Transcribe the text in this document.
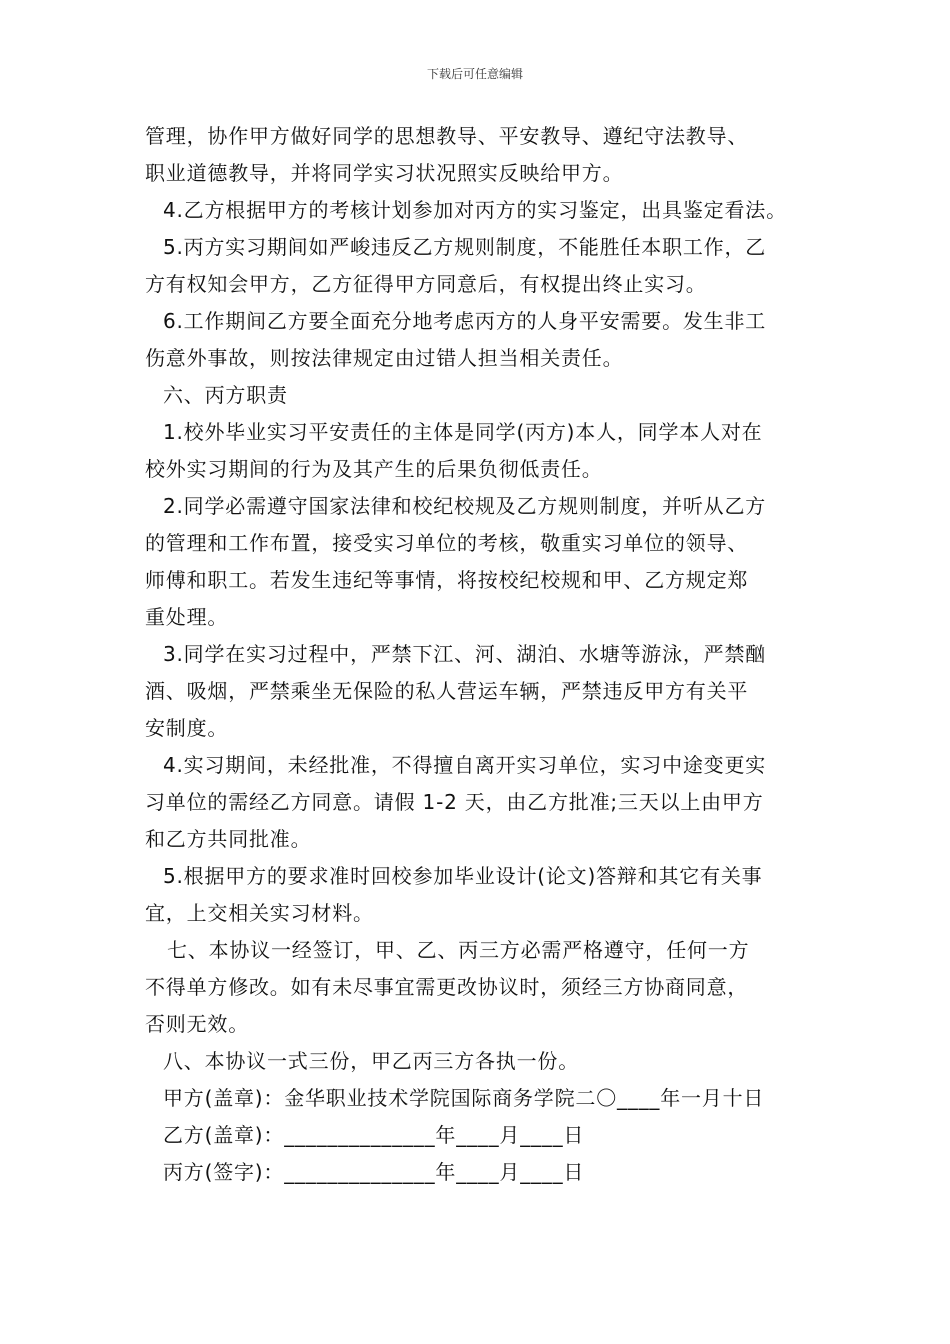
下载后可任意编辑
管理，协作甲方做好同学的思想教导、平安教导、遵纪守法教导、
职业道德教导，并将同学实习状况照实反映给甲方。
4.乙方根据甲方的考核计划参加对丙方的实习鉴定，出具鉴定看法。
5.丙方实习期间如严峻违反乙方规则制度，不能胜任本职工作，乙
方有权知会甲方，乙方征得甲方同意后，有权提出终止实习。
6.工作期间乙方要全面充分地考虑丙方的人身平安需要。发生非工
伤意外事故，则按法律规定由过错人担当相关责任。
六、丙方职责
1.校外毕业实习平安责任的主体是同学(丙方)本人，同学本人对在
校外实习期间的行为及其产生的后果负彻低责任。
2.同学必需遵守国家法律和校纪校规及乙方规则制度，并听从乙方
的管理和工作布置，接受实习单位的考核，敬重实习单位的领导、
师傅和职工。若发生违纪等事情，将按校纪校规和甲、乙方规定郑
重处理。
3.同学在实习过程中，严禁下江、河、湖泊、水塘等游泳，严禁酗
酒、吸烟，严禁乘坐无保险的私人营运车辆，严禁违反甲方有关平
安制度。
4.实习期间，未经批准，不得擅自离开实习单位，实习中途变更实
习单位的需经乙方同意。请假 1-2 天，由乙方批准;三天以上由甲方
和乙方共同批准。
5.根据甲方的要求准时回校参加毕业设计(论文)答辩和其它有关事
宜，上交相关实习材料。
七、本协议一经签订，甲、乙、丙三方必需严格遵守，任何一方
不得单方修改。如有未尽事宜需更改协议时，须经三方协商同意，
否则无效。
八、本协议一式三份，甲乙丙三方各执一份。
甲方(盖章)：金华职业技术学院国际商务学院二〇____年一月十日
乙方(盖章)：______________年____月____日
丙方(签字)：______________年____月____日
